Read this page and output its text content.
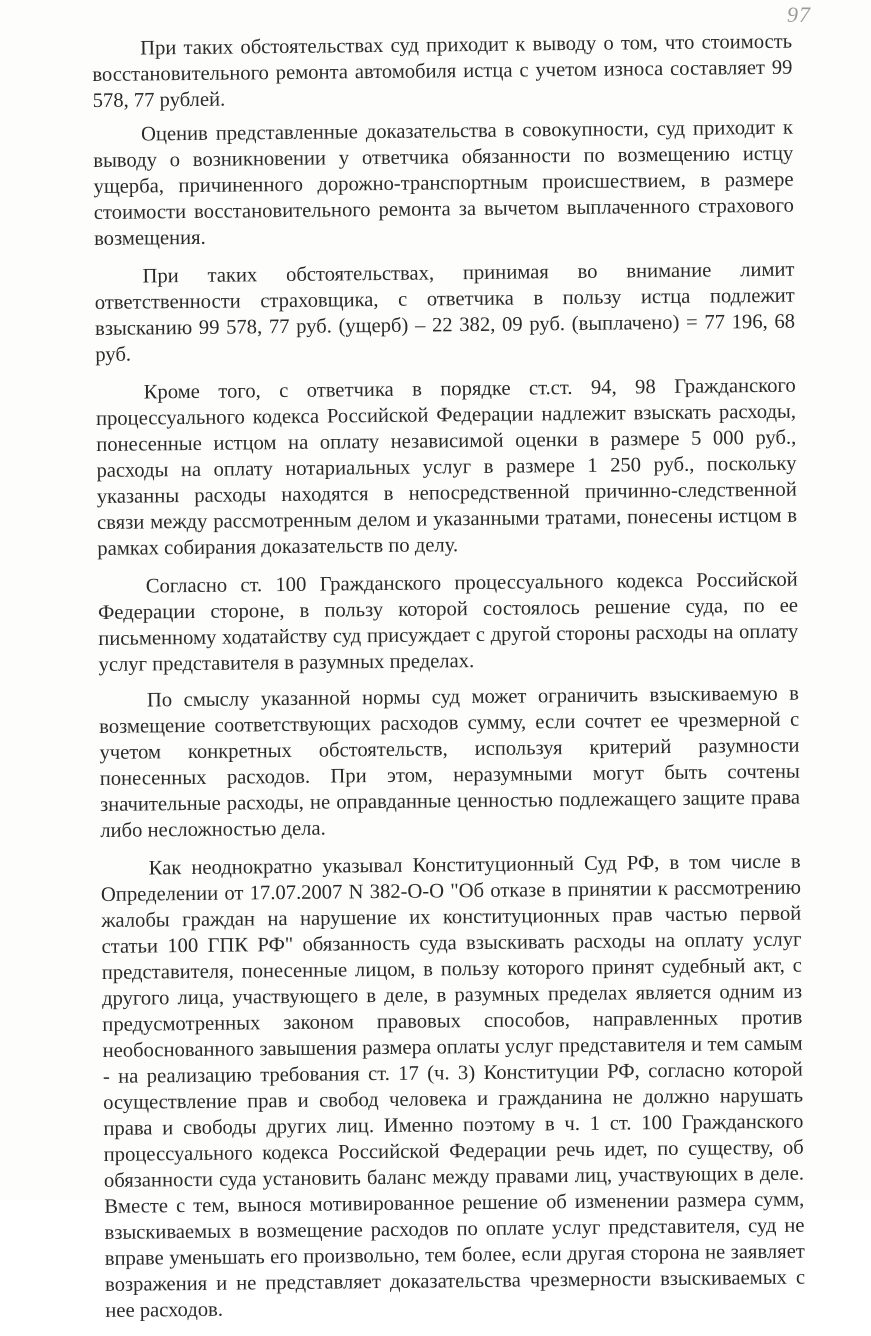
97

При таких обстоятельствах суд приходит к выводу о том, что стоимость восстановительного ремонта автомобиля истца с учетом износа составляет 99 578, 77 рублей.

Оценив представленные доказательства в совокупности, суд приходит к выводу о возникновении у ответчика обязанности по возмещению истцу ущерба, причиненного дорожно-транспортным происшествием, в размере стоимости восстановительного ремонта за вычетом выплаченного страхового возмещения.

При таких обстоятельствах, принимая во внимание лимит ответственности страховщика, с ответчика в пользу истца подлежит взысканию 99 578, 77 руб. (ущерб) – 22 382, 09 руб. (выплачено) = 77 196, 68 руб.

Кроме того, с ответчика в порядке ст.ст. 94, 98 Гражданского процессуального кодекса Российской Федерации надлежит взыскать расходы, понесенные истцом на оплату независимой оценки в размере 5 000 руб., расходы на оплату нотариальных услуг в размере 1 250 руб., поскольку указанны расходы находятся в непосредственной причинно-следственной связи между рассмотренным делом и указанными тратами, понесены истцом в рамках собирания доказательств по делу.

Согласно ст. 100 Гражданского процессуального кодекса Российской Федерации стороне, в пользу которой состоялось решение суда, по ее письменному ходатайству суд присуждает с другой стороны расходы на оплату услуг представителя в разумных пределах.

По смыслу указанной нормы суд может ограничить взыскиваемую в возмещение соответствующих расходов сумму, если сочтет ее чрезмерной с учетом конкретных обстоятельств, используя критерий разумности понесенных расходов. При этом, неразумными могут быть сочтены значительные расходы, не оправданные ценностью подлежащего защите права либо несложностью дела.

Как неоднократно указывал Конституционный Суд РФ, в том числе в Определении от 17.07.2007 N 382-О-О "Об отказе в принятии к рассмотрению жалобы граждан на нарушение их конституционных прав частью первой статьи 100 ГПК РФ" обязанность суда взыскивать расходы на оплату услуг представителя, понесенные лицом, в пользу которого принят судебный акт, с другого лица, участвующего в деле, в разумных пределах является одним из предусмотренных законом правовых способов, направленных против необоснованного завышения размера оплаты услуг представителя и тем самым - на реализацию требования ст. 17 (ч. 3) Конституции РФ, согласно которой осуществление прав и свобод человека и гражданина не должно нарушать права и свободы других лиц. Именно поэтому в ч. 1 ст. 100 Гражданского процессуального кодекса Российской Федерации речь идет, по существу, об обязанности суда установить баланс между правами лиц, участвующих в деле. Вместе с тем, вынося мотивированное решение об изменении размера сумм, взыскиваемых в возмещение расходов по оплате услуг представителя, суд не вправе уменьшать его произвольно, тем более, если другая сторона не заявляет возражения и не представляет доказательства чрезмерности взыскиваемых с нее расходов.
